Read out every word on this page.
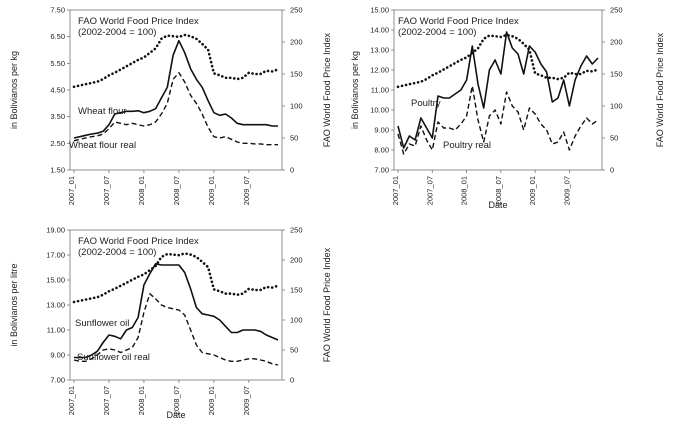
1.50
2.50
3.50
4.50
5.50
6.50
7.50
0
50
100
150
200
250
2007_01	2007_07	2008_01	2008_07	2009_01	2009_07
Wheat flour
Wheat flour real
FAO World Food Price Index
(2002-2004 = 100)
in Bolivianos per kg	FAO World Food Price Index
7.00
8.00
9.00
10.00
11.00
12.00
13.00
14.00
15.00
0
50
100
150
200
250
2007_01	2007_07	2008_01	2008_07	2009_01	2009_07
Poultry
Poultry real
FAO World Food Price Index
(2002-2004 = 100)
in Bolivianos per kg	FAO World Food Price Index
Date
7.00
9.00
11.00
13.00
15.00
17.00
19.00
0
50
100
150
200
250
2007_01	2007_07	2008_01	2008_07	2009_01	2009_07
Sunflower oil
Sunflower oil real
FAO World Food Price Index
(2002-2004 = 100)
in Bolivianos per litre	FAO World Food Price Index
Date
